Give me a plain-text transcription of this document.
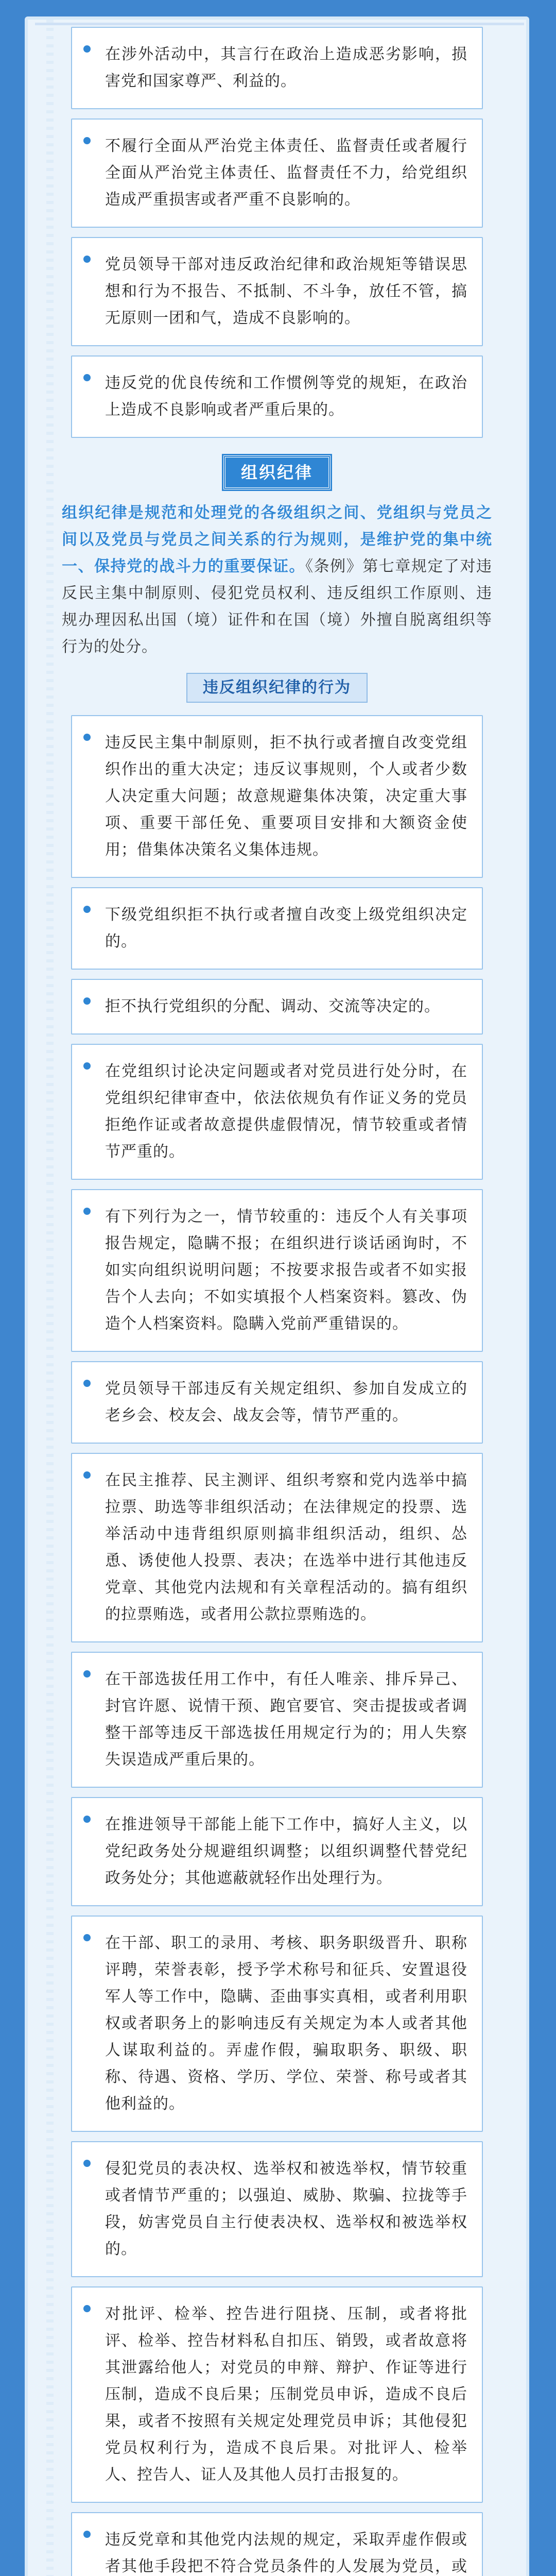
在涉外活动中，其言行在政治上造成恶劣影响，损害党和国家尊严、利益的。

不履行全面从严治党主体责任、监督责任或者履行全面从严治党主体责任、监督责任不力，给党组织造成严重损害或者严重不良影响的。

党员领导干部对违反政治纪律和政治规矩等错误思想和行为不报告、不抵制、不斗争，放任不管，搞无原则一团和气，造成不良影响的。

违反党的优良传统和工作惯例等党的规矩，在政治上造成不良影响或者严重后果的。

组织纪律
组织纪律是规范和处理党的各级组织之间、党组织与党员之间以及党员与党员之间关系的行为规则，是维护党的集中统一、保持党的战斗力的重要保证。《条例》第七章规定了对违反民主集中制原则、侵犯党员权利、违反组织工作原则、违规办理因私出国（境）证件和在国（境）外擅自脱离组织等行为的处分。
违反组织纪律的行为

违反民主集中制原则，拒不执行或者擅自改变党组织作出的重大决定；违反议事规则，个人或者少数人决定重大问题；故意规避集体决策，决定重大事项、重要干部任免、重要项目安排和大额资金使用；借集体决策名义集体违规。

下级党组织拒不执行或者擅自改变上级党组织决定的。

拒不执行党组织的分配、调动、交流等决定的。

在党组织讨论决定问题或者对党员进行处分时，在党组织纪律审查中，依法依规负有作证义务的党员拒绝作证或者故意提供虚假情况，情节较重或者情节严重的。

有下列行为之一，情节较重的：违反个人有关事项报告规定，隐瞒不报；在组织进行谈话函询时，不如实向组织说明问题；不按要求报告或者不如实报告个人去向；不如实填报个人档案资料。篡改、伪造个人档案资料。隐瞒入党前严重错误的。

党员领导干部违反有关规定组织、参加自发成立的老乡会、校友会、战友会等，情节严重的。

在民主推荐、民主测评、组织考察和党内选举中搞拉票、助选等非组织活动；在法律规定的投票、选举活动中违背组织原则搞非组织活动，组织、怂恿、诱使他人投票、表决；在选举中进行其他违反党章、其他党内法规和有关章程活动的。搞有组织的拉票贿选，或者用公款拉票贿选的。

在干部选拔任用工作中，有任人唯亲、排斥异己、封官许愿、说情干预、跑官要官、突击提拔或者调整干部等违反干部选拔任用规定行为的；用人失察失误造成严重后果的。

在推进领导干部能上能下工作中，搞好人主义，以党纪政务处分规避组织调整；以组织调整代替党纪政务处分；其他遮蔽就轻作出处理行为。

在干部、职工的录用、考核、职务职级晋升、职称评聘，荣誉表彰，授予学术称号和征兵、安置退役军人等工作中，隐瞒、歪曲事实真相，或者利用职权或者职务上的影响违反有关规定为本人或者其他人谋取利益的。弄虚作假，骗取职务、职级、职称、待遇、资格、学历、学位、荣誉、称号或者其他利益的。

侵犯党员的表决权、选举权和被选举权，情节较重或者情节严重的；以强迫、威胁、欺骗、拉拢等手段，妨害党员自主行使表决权、选举权和被选举权的。

对批评、检举、控告进行阻挠、压制，或者将批评、检举、控告材料私自扣压、销毁，或者故意将其泄露给他人；对党员的申辩、辩护、作证等进行压制，造成不良后果；压制党员申诉，造成不良后果，或者不按照有关规定处理党员申诉；其他侵犯党员权利行为，造成不良后果。对批评人、检举人、控告人、证人及其他人员打击报复的。

违反党章和其他党内法规的规定，采取弄虚作假或者其他手段把不符合党员条件的人发展为党员，或
